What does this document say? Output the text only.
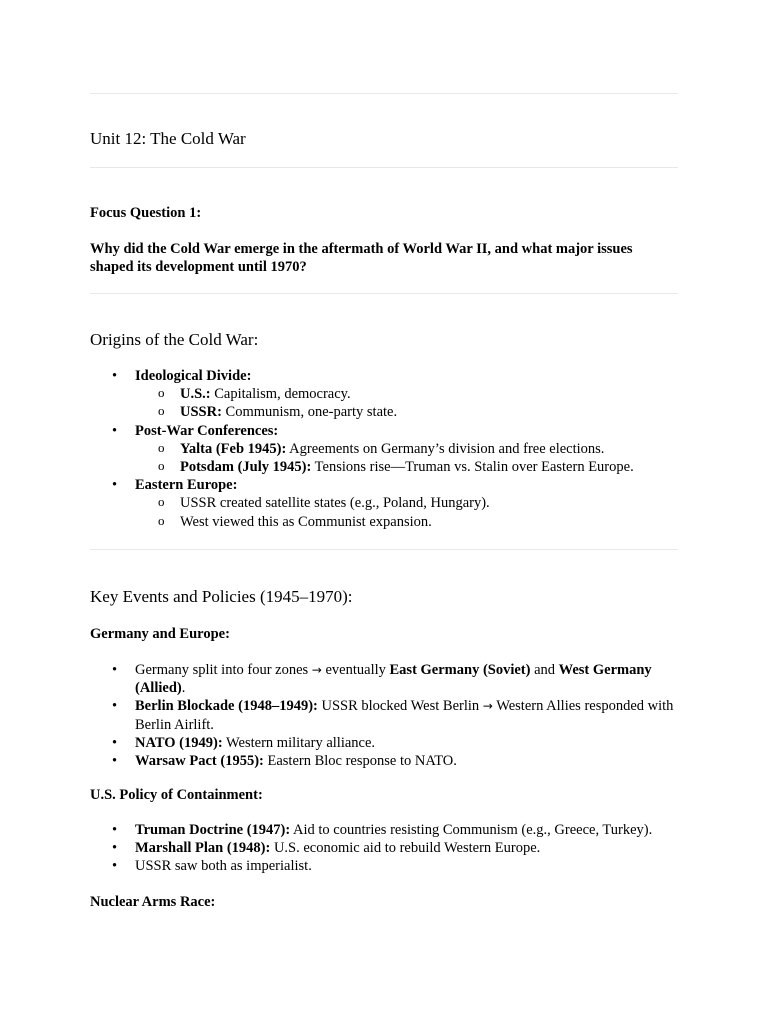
Unit 12: The Cold War

Focus Question 1:

Why did the Cold War emerge in the aftermath of World War II, and what major issues shaped its development until 1970?

Origins of the Cold War:
• Ideological Divide:
o U.S.: Capitalism, democracy.
o USSR: Communism, one-party state.
• Post-War Conferences:
o Yalta (Feb 1945): Agreements on Germany’s division and free elections.
o Potsdam (July 1945): Tensions rise—Truman vs. Stalin over Eastern Europe.
• Eastern Europe:
o USSR created satellite states (e.g., Poland, Hungary).
o West viewed this as Communist expansion.
Key Events and Policies (1945–1970):

Germany and Europe:

• Germany split into four zones → eventually East Germany (Soviet) and West Germany (Allied).
• Berlin Blockade (1948–1949): USSR blocked West Berlin → Western Allies responded with Berlin Airlift.
• NATO (1949): Western military alliance.
• Warsaw Pact (1955): Eastern Bloc response to NATO.

U.S. Policy of Containment:

• Truman Doctrine (1947): Aid to countries resisting Communism (e.g., Greece, Turkey).
• Marshall Plan (1948): U.S. economic aid to rebuild Western Europe.
• USSR saw both as imperialist.

Nuclear Arms Race:
